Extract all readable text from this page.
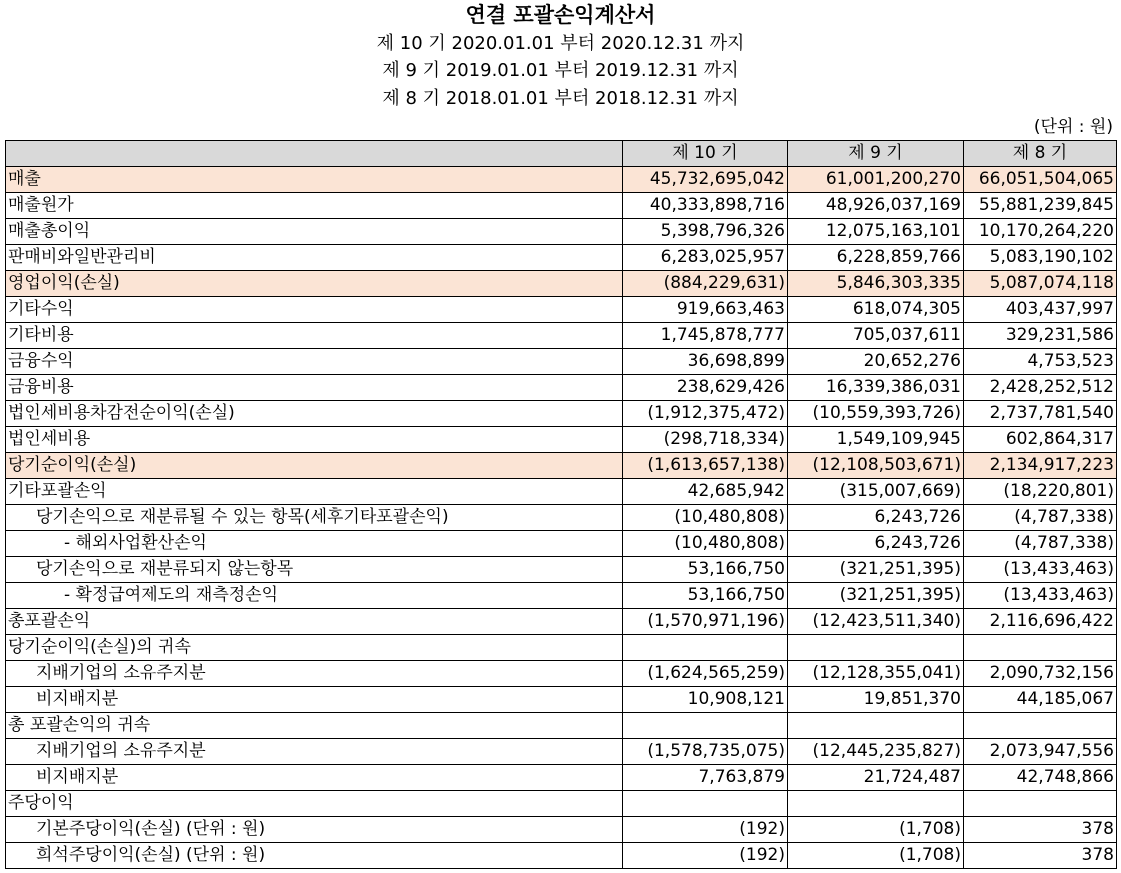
연결 포괄손익계산서
제 10 기 2020.01.01 부터 2020.12.31 까지
제 9 기 2019.01.01 부터 2019.12.31 까지
제 8 기 2018.01.01 부터 2018.12.31 까지
(단위 : 원)
	제 10 기	제 9 기	제 8 기
매출	45,732,695,042	61,001,200,270	66,051,504,065
매출원가	40,333,898,716	48,926,037,169	55,881,239,845
매출총이익	5,398,796,326	12,075,163,101	10,170,264,220
판매비와일반관리비	6,283,025,957	6,228,859,766	5,083,190,102
영업이익(손실)	(884,229,631)	5,846,303,335	5,087,074,118
기타수익	919,663,463	618,074,305	403,437,997
기타비용	1,745,878,777	705,037,611	329,231,586
금융수익	36,698,899	20,652,276	4,753,523
금융비용	238,629,426	16,339,386,031	2,428,252,512
법인세비용차감전순이익(손실)	(1,912,375,472)	(10,559,393,726)	2,737,781,540
법인세비용	(298,718,334)	1,549,109,945	602,864,317
당기순이익(손실)	(1,613,657,138)	(12,108,503,671)	2,134,917,223
기타포괄손익	42,685,942	(315,007,669)	(18,220,801)
당기손익으로 재분류될 수 있는 항목(세후기타포괄손익)	(10,480,808)	6,243,726	(4,787,338)
- 해외사업환산손익	(10,480,808)	6,243,726	(4,787,338)
당기손익으로 재분류되지 않는항목	53,166,750	(321,251,395)	(13,433,463)
- 확정급여제도의 재측정손익	53,166,750	(321,251,395)	(13,433,463)
총포괄손익	(1,570,971,196)	(12,423,511,340)	2,116,696,422
당기순이익(손실)의 귀속			
지배기업의 소유주지분	(1,624,565,259)	(12,128,355,041)	2,090,732,156
비지배지분	10,908,121	19,851,370	44,185,067
총 포괄손익의 귀속			
지배기업의 소유주지분	(1,578,735,075)	(12,445,235,827)	2,073,947,556
비지배지분	7,763,879	21,724,487	42,748,866
주당이익			
기본주당이익(손실) (단위 : 원)	(192)	(1,708)	378
희석주당이익(손실) (단위 : 원)	(192)	(1,708)	378
